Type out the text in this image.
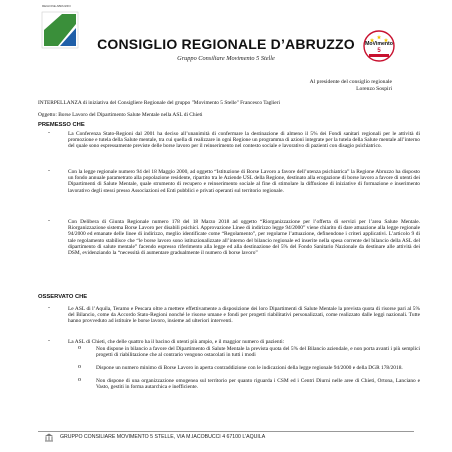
REGIONE ABRUZZO
CONSIGLIO REGIONALE D’ABRUZZO
Gruppo Consiliare Movimento 5 Stelle
MoVimento
5
Al presidente del consiglio regionale
Lorenzo Sospiri
INTERPELLANZA di iniziativa del Consigliere Regionale del gruppo "Movimento 5 Stelle" Francesco Taglieri
Oggetto: Borse Lavoro del Dipartimento Salute Mentale nella ASL di Chieti
PREMESSO CHE
-	La Conferenza Stato-Regioni dal 2001 ha deciso all’unanimità di confermare la destinazione di almeno il 5% dei Fondi sanitari regionali per le attività di promozione e tutela della Salute mentale, tra cui quella di realizzare in ogni Regione un programma di azioni integrate per la tutela della Salute mentale all’interno del quale sono espressamente previste delle borse lavoro per il reinserimento nel contesto sociale e lavorativo di pazienti con disagio psichiatrico.
-	Con la legge regionale numero 94 del 18 Maggio 2000, ad oggetto “Istituzione di Borse Lavoro a favore dell’utenza psichiatrica” la Regione Abruzzo ha disposto un fondo annuale parametrato alla popolazione residente, ripartito tra le Aziende USL della Regione, destinato alla erogazione di borse lavoro a favore di utenti dei Dipartimenti di Salute Mentale, quale strumento di recupero e reinserimento sociale al fine di stimolare la diffusione di iniziative di formazione e inserimento lavorativo degli stessi presso Associazioni ed Enti pubblici e privati operanti sul territorio regionale.
-	Con Delibera di Giunta Regionale numero 178 del 18 Marzo 2018 ad oggetto “Riorganizzazione per l’offerta di servizi per l’area Salute Mentale. Riorganizzazione sistema Borse Lavoro per disabili psichici. Approvazione Linee di indirizzo legge 94/2000” viene chiarito di dare attuazione alla legge regionale 94/2000 ed emanate delle linee di indirizzo, meglio identificate come “Regolamento”, per regolarne l’attuazione, definendone i criteri applicativi. L’articolo 9 di tale regolamento stabilisce che “le borse lavoro sono istituzionalizzate all’interno del bilancio regionale ed inserite nella spesa corrente del bilancio della ASL del dipartimento di salute mentale” facendo espresso riferimento alla legge ed alla destinazione del 5% del Fondo Sanitario Nazionale da destinare alle attività dei DSM, evidenziando la “necessità di aumentare gradualmente il numero di borse lavoro”
OSSERVATO CHE
-	Le ASL di l’Aquila, Teramo e Pescara oltre a mettere effettivamente a disposizione dei loro Dipartimenti di Salute Mentale la prevista quota di risorse pari al 5% del Bilancio, come da Accordo Stato-Regioni nonché le risorse umane e fondi per progetti riabilitativi personalizzati, come realizzato dalle leggi nazionali. Tutte hanno provveduto ad istituire le borse lavoro, insieme ad ulteriori interventi.
-	La ASL di Chieti, che delle quattro ha il bacino di utenti più ampio, e il maggior numero di pazienti:
o	Non dispone in bilancio a favore del Dipartimento di Salute Mentale la prevista quota del 5% del Bilancio aziendale, e non porta avanti i più semplici progetti di riabilitazione che al contrario vengono ostacolati in tutti i modi
o	Dispone un numero minimo di Borse Lavoro in aperta contraddizione con le indicazioni della legge regionale 94/2000 e della DGR 178/2018.
o	Non dispone di una organizzazione omogenea sul territorio per quanto riguarda i CSM ed i Centri Diurni nelle aree di Chieti, Ortona, Lanciano e Vasto, gestiti in forma autarchica e inefficiente.
GRUPPO CONSILIARE MOVIMENTO 5 STELLE, VIA M.IACOBUCCI 4 67100 L’AQUILA
